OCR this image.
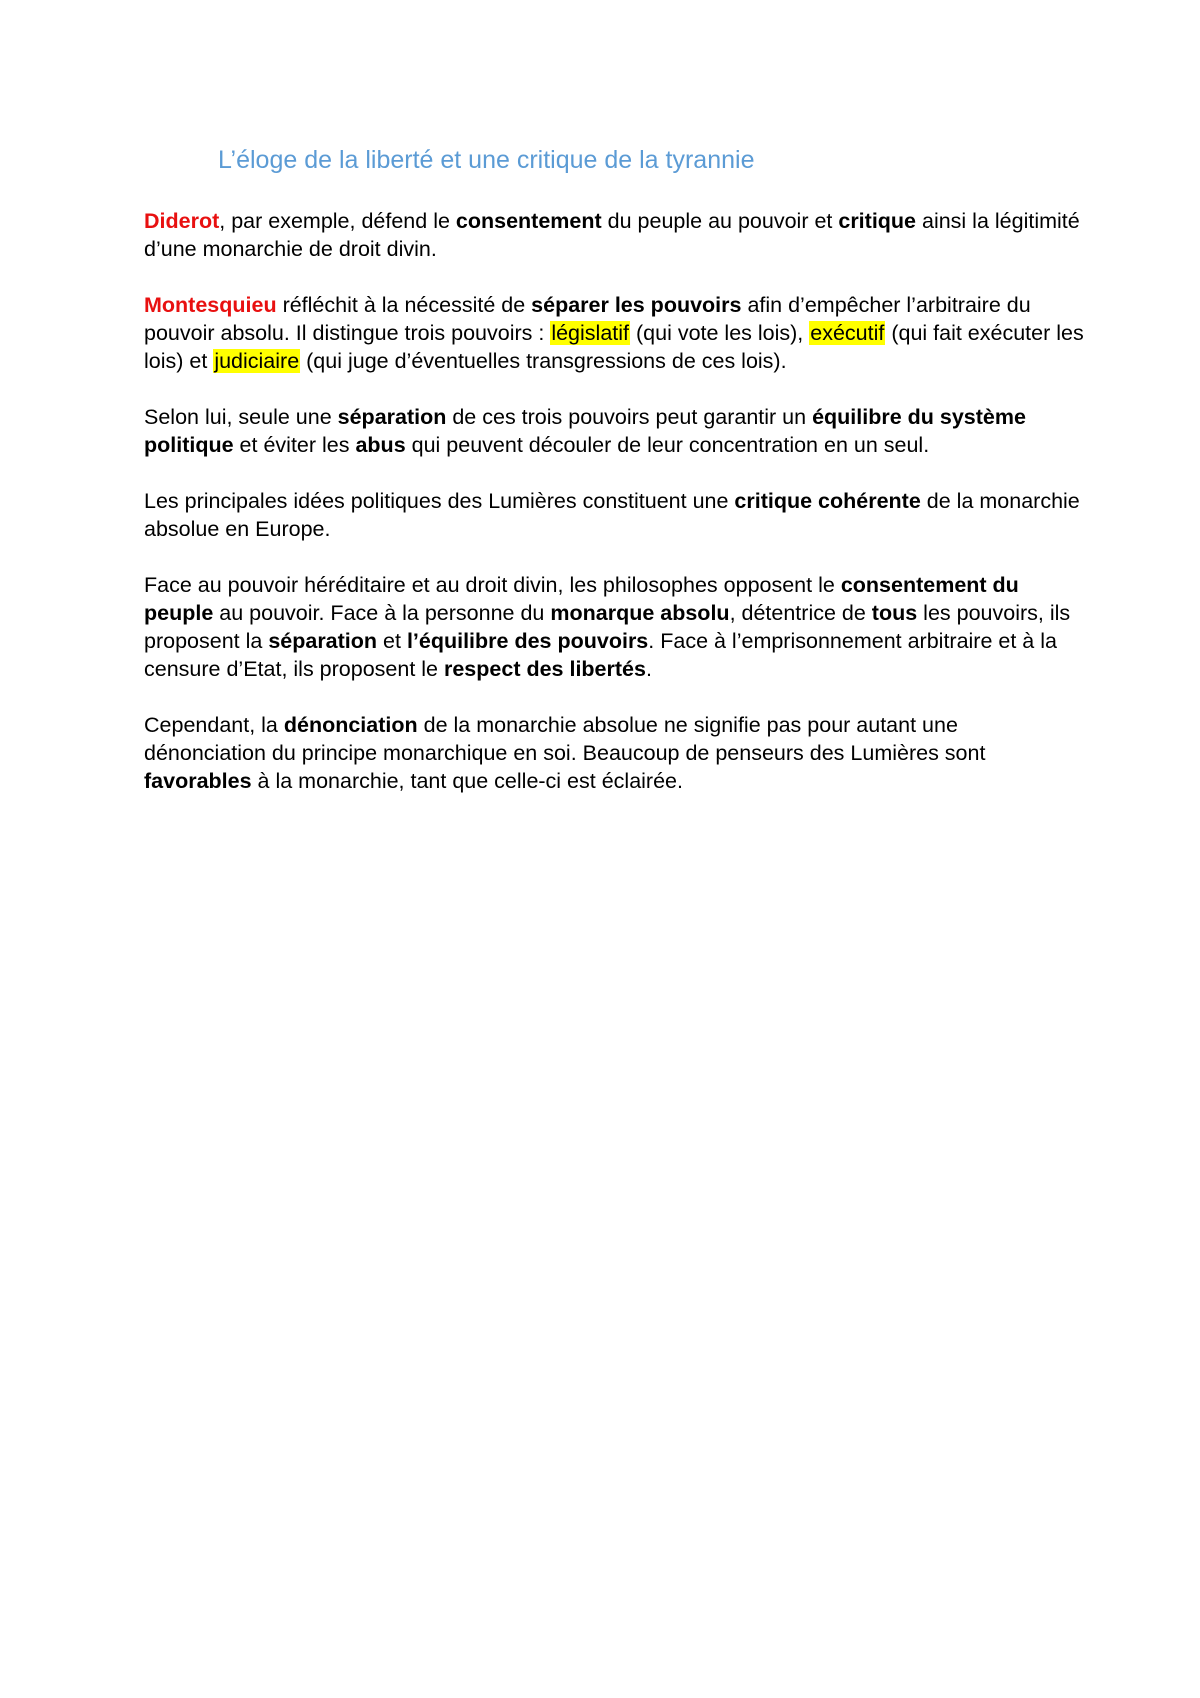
L’éloge de la liberté et une critique de la tyrannie

Diderot, par exemple, défend le consentement du peuple au pouvoir et critique ainsi la légitimité d’une monarchie de droit divin.

Montesquieu réfléchit à la nécessité de séparer les pouvoirs afin d’empêcher l’arbitraire du pouvoir absolu. Il distingue trois pouvoirs : législatif (qui vote les lois), exécutif (qui fait exécuter les lois) et judiciaire (qui juge d’éventuelles transgressions de ces lois).

Selon lui, seule une séparation de ces trois pouvoirs peut garantir un équilibre du système politique et éviter les abus qui peuvent découler de leur concentration en un seul.

Les principales idées politiques des Lumières constituent une critique cohérente de la monarchie absolue en Europe.

Face au pouvoir héréditaire et au droit divin, les philosophes opposent le consentement du peuple au pouvoir. Face à la personne du monarque absolu, détentrice de tous les pouvoirs, ils proposent la séparation et l’équilibre des pouvoirs. Face à l’emprisonnement arbitraire et à la censure d’Etat, ils proposent le respect des libertés.

Cependant, la dénonciation de la monarchie absolue ne signifie pas pour autant une dénonciation du principe monarchique en soi. Beaucoup de penseurs des Lumières sont favorables à la monarchie, tant que celle-ci est éclairée.
